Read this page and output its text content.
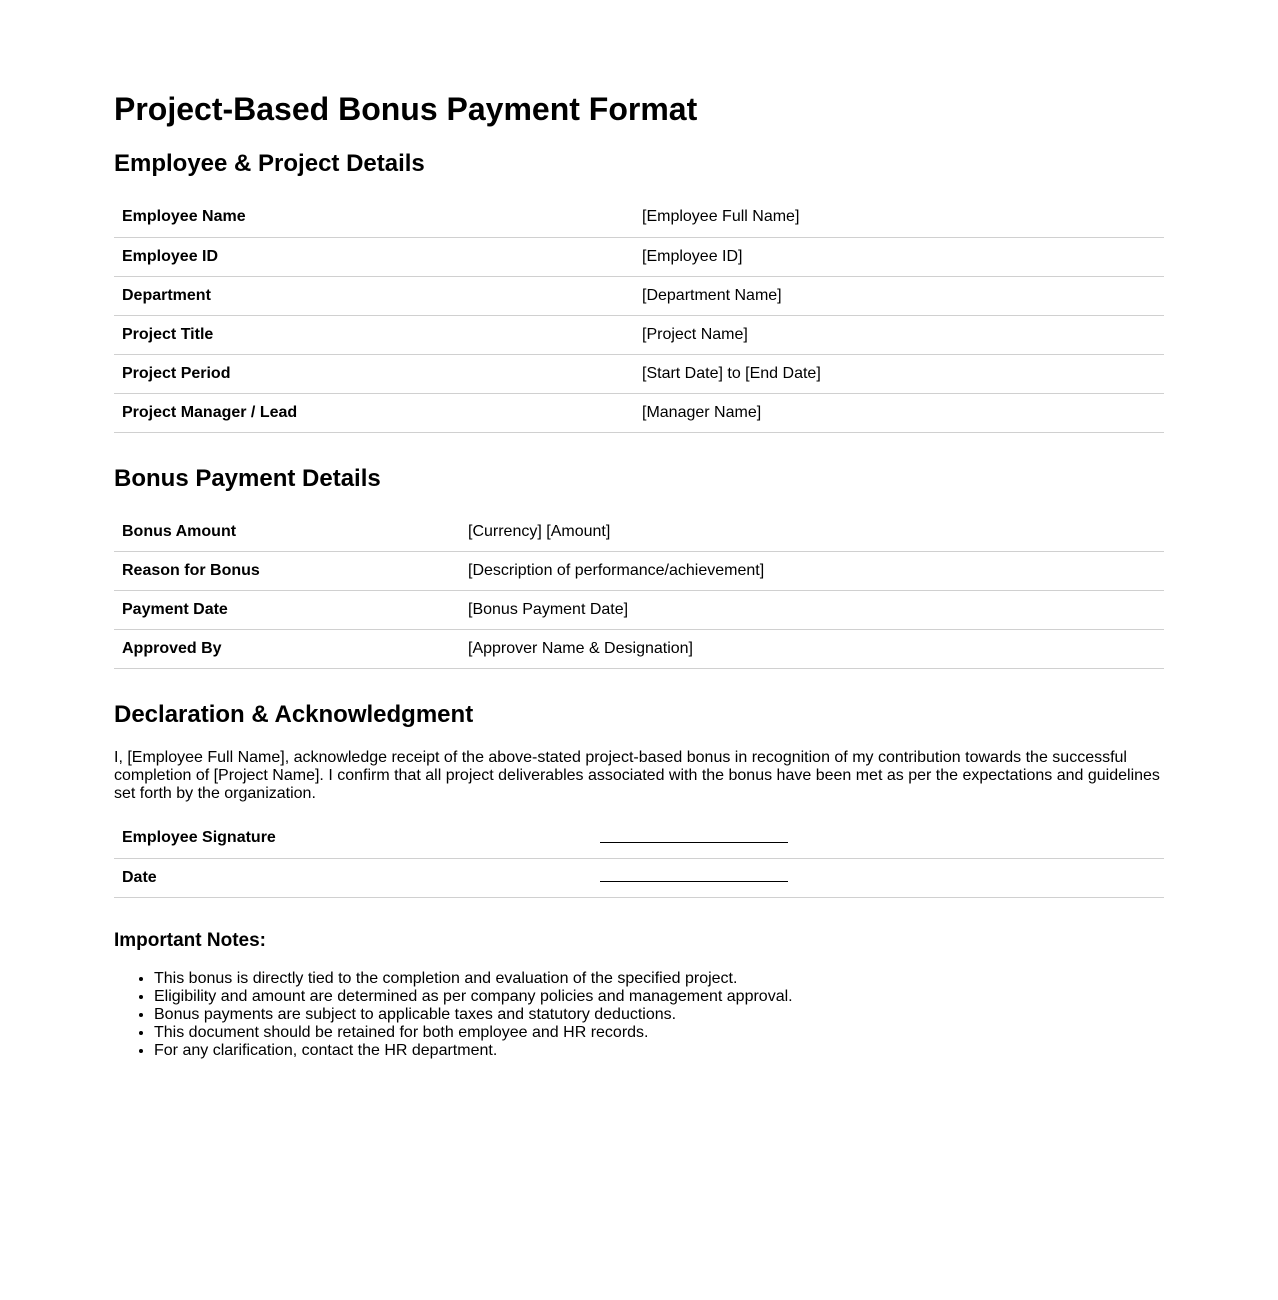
Project-Based Bonus Payment Format
Employee & Project Details
Employee Name	[Employee Full Name]
Employee ID	[Employee ID]
Department	[Department Name]
Project Title	[Project Name]
Project Period	[Start Date] to [End Date]
Project Manager / Lead	[Manager Name]
Bonus Payment Details
Bonus Amount	[Currency] [Amount]
Reason for Bonus	[Description of performance/achievement]
Payment Date	[Bonus Payment Date]
Approved By	[Approver Name & Designation]
Declaration & Acknowledgment

I, [Employee Full Name], acknowledge receipt of the above-stated project-based bonus in recognition of my contribution towards the successful completion of [Project Name]. I confirm that all project deliverables associated with the bonus have been met as per the expectations and guidelines set forth by the organization.

Employee Signature	
Date	
Important Notes:
• This bonus is directly tied to the completion and evaluation of the specified project.
• Eligibility and amount are determined as per company policies and management approval.
• Bonus payments are subject to applicable taxes and statutory deductions.
• This document should be retained for both employee and HR records.
• For any clarification, contact the HR department.
